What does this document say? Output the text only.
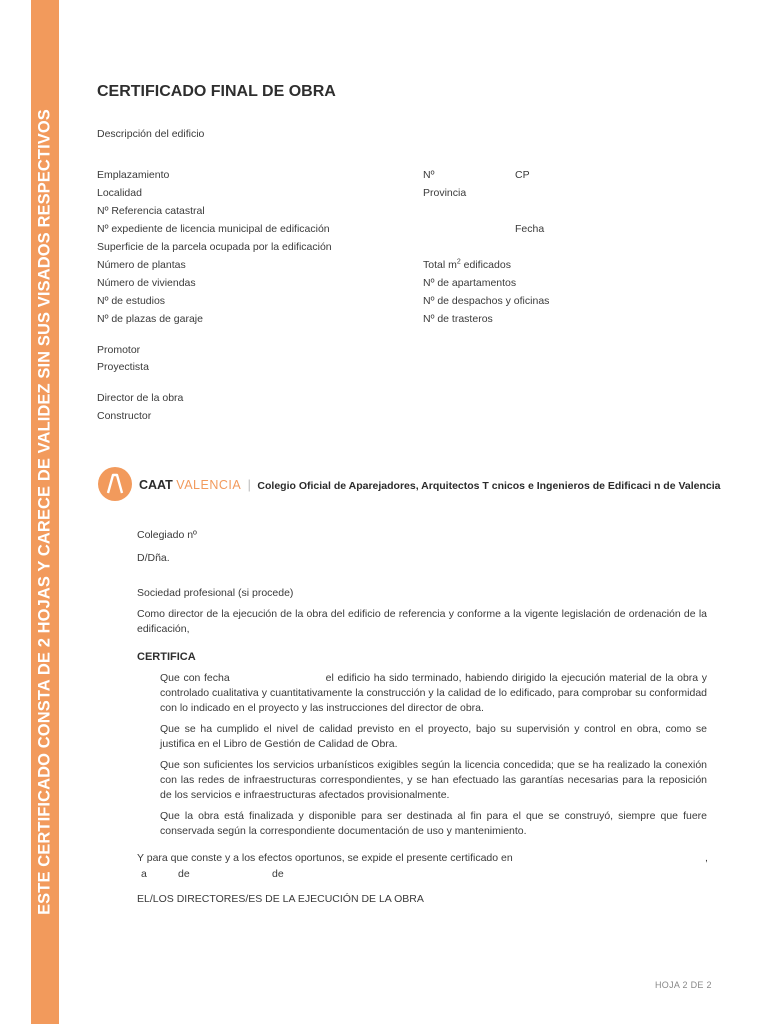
ESTE CERTIFICADO CONSTA DE 2 HOJAS Y CARECE DE VALIDEZ SIN SUS VISADOS RESPECTIVOS
CERTIFICADO FINAL DE OBRA
Descripción del edificio
Emplazamiento	Nº	CP
Localidad	Provincia
Nº Referencia catastral
Nº expediente de licencia municipal de edificación	Fecha
Superficie de la parcela ocupada por la edificación
Número de plantas	Total $m^2$ edificados
Número de viviendas	Nº de apartamentos
Nº de estudios	Nº de despachos y oficinas
Nº de plazas de garaje	Nº de trasteros
Promotor
Proyectista
Director de la obra
Constructor
CAAT VALENCIA | Colegio Oficial de Aparejadores, Arquitectos T cnicos e Ingenieros de Edificaci n de Valencia
Colegiado nº
D/Dña.
Sociedad profesional (si procede)
Como director de la ejecución de la obra del edificio de referencia y conforme a la vigente legislación de ordenación de la edificación,
CERTIFICA
Que con fecha	el edificio ha sido terminado, habiendo dirigido la ejecución material de la obra y controlado cualitativa y cuantitativamente la construcción y la calidad de lo edificado, para comprobar su conformidad con lo indicado en el proyecto y las instrucciones del director de obra.
Que se ha cumplido el nivel de calidad previsto en el proyecto, bajo su supervisión y control en obra, como se justifica en el Libro de Gestión de Calidad de Obra.
Que son suficientes los servicios urbanísticos exigibles según la licencia concedida; que se ha realizado la conexión con las redes de infraestructuras correspondientes, y se han efectuado las garantías necesarias para la reposición de los servicios e infraestructuras afectados provisionalmente.
Que la obra está finalizada y disponible para ser destinada al fin para el que se construyó, siempre que fuere conservada según la correspondiente documentación de uso y mantenimiento.
Y para que conste y a los efectos oportunos, se expide el presente certificado en	,
a	de	de
EL/LOS DIRECTORES/ES DE LA EJECUCIÓN DE LA OBRA
HOJA 2 DE 2
